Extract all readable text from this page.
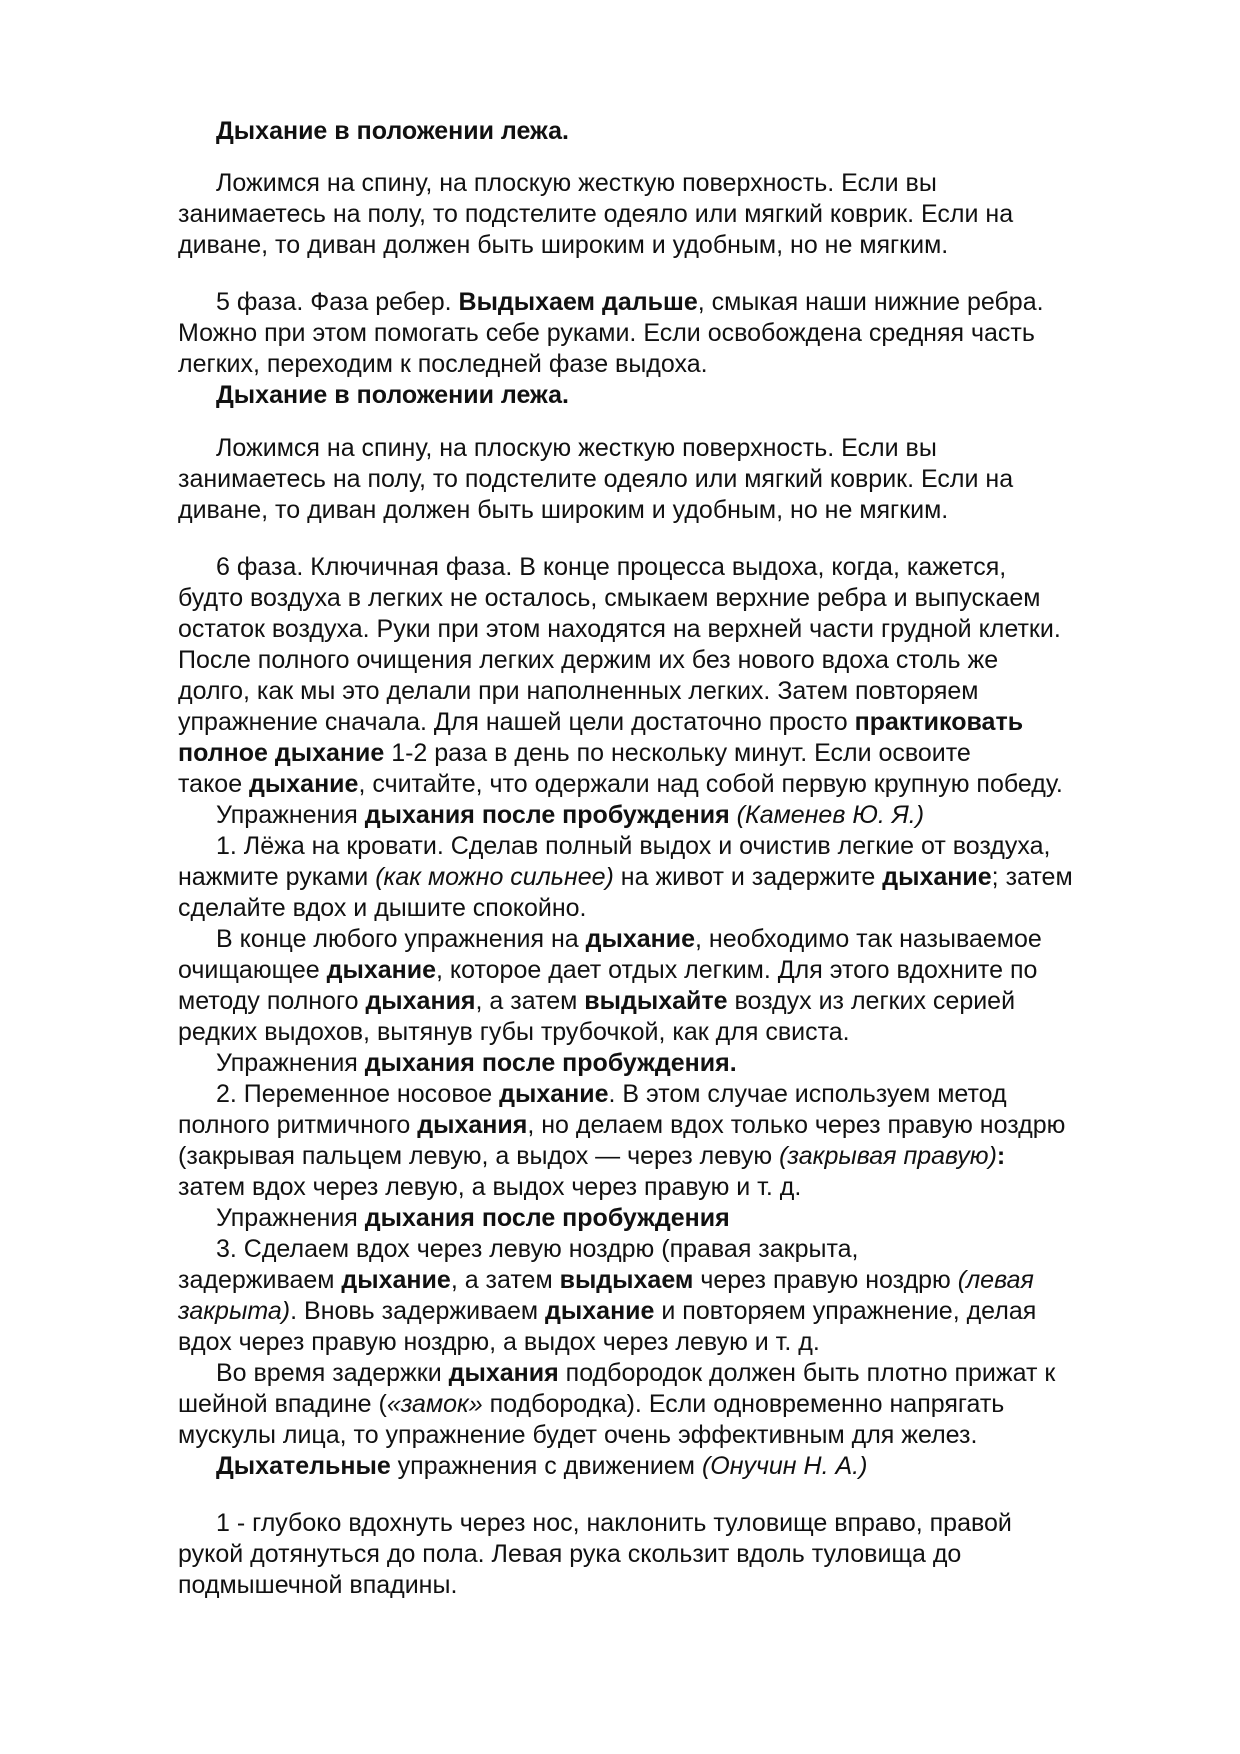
Дыхание в положении лежа.

Ложимся на спину, на плоскую жесткую поверхность. Если вы
занимаетесь на полу, то подстелите одеяло или мягкий коврик. Если на
диване, то диван должен быть широким и удобным, но не мягким.

5 фаза. Фаза ребер. Выдыхаем дальше, смыкая наши нижние ребра.
Можно при этом помогать себе руками. Если освобождена средняя часть
легких, переходим к последней фазе выдоха.

Дыхание в положении лежа.

Ложимся на спину, на плоскую жесткую поверхность. Если вы
занимаетесь на полу, то подстелите одеяло или мягкий коврик. Если на
диване, то диван должен быть широким и удобным, но не мягким.

6 фаза. Ключичная фаза. В конце процесса выдоха, когда, кажется,
будто воздуха в легких не осталось, смыкаем верхние ребра и выпускаем
остаток воздуха. Руки при этом находятся на верхней части грудной клетки.
После полного очищения легких держим их без нового вдоха столь же
долго, как мы это делали при наполненных легких. Затем повторяем
упражнение сначала. Для нашей цели достаточно просто практиковать
полное дыхание 1-2 раза в день по нескольку минут. Если освоите
такое дыхание, считайте, что одержали над собой первую крупную победу.

Упражнения дыхания после пробуждения (Каменев Ю. Я.)

1. Лёжа на кровати. Сделав полный выдох и очистив легкие от воздуха,
нажмите руками (как можно сильнее) на живот и задержите дыхание; затем
сделайте вдох и дышите спокойно.

В конце любого упражнения на дыхание, необходимо так называемое
очищающее дыхание, которое дает отдых легким. Для этого вдохните по
методу полного дыхания, а затем выдыхайте воздух из легких серией
редких выдохов, вытянув губы трубочкой, как для свиста.

Упражнения дыхания после пробуждения.

2. Переменное носовое дыхание. В этом случае используем метод
полного ритмичного дыхания, но делаем вдох только через правую ноздрю
(закрывая пальцем левую, а выдох — через левую (закрывая правую):
затем вдох через левую, а выдох через правую и т. д.

Упражнения дыхания после пробуждения

3. Сделаем вдох через левую ноздрю (правая закрыта,
задерживаем дыхание, а затем выдыхаем через правую ноздрю (левая
закрыта). Вновь задерживаем дыхание и повторяем упражнение, делая
вдох через правую ноздрю, а выдох через левую и т. д.

Во время задержки дыхания подбородок должен быть плотно прижат к
шейной впадине («замок» подбородка). Если одновременно напрягать
мускулы лица, то упражнение будет очень эффективным для желез.

Дыхательные упражнения с движением (Онучин Н. А.)

1 - глубоко вдохнуть через нос, наклонить туловище вправо, правой
рукой дотянуться до пола. Левая рука скользит вдоль туловища до
подмышечной впадины.
